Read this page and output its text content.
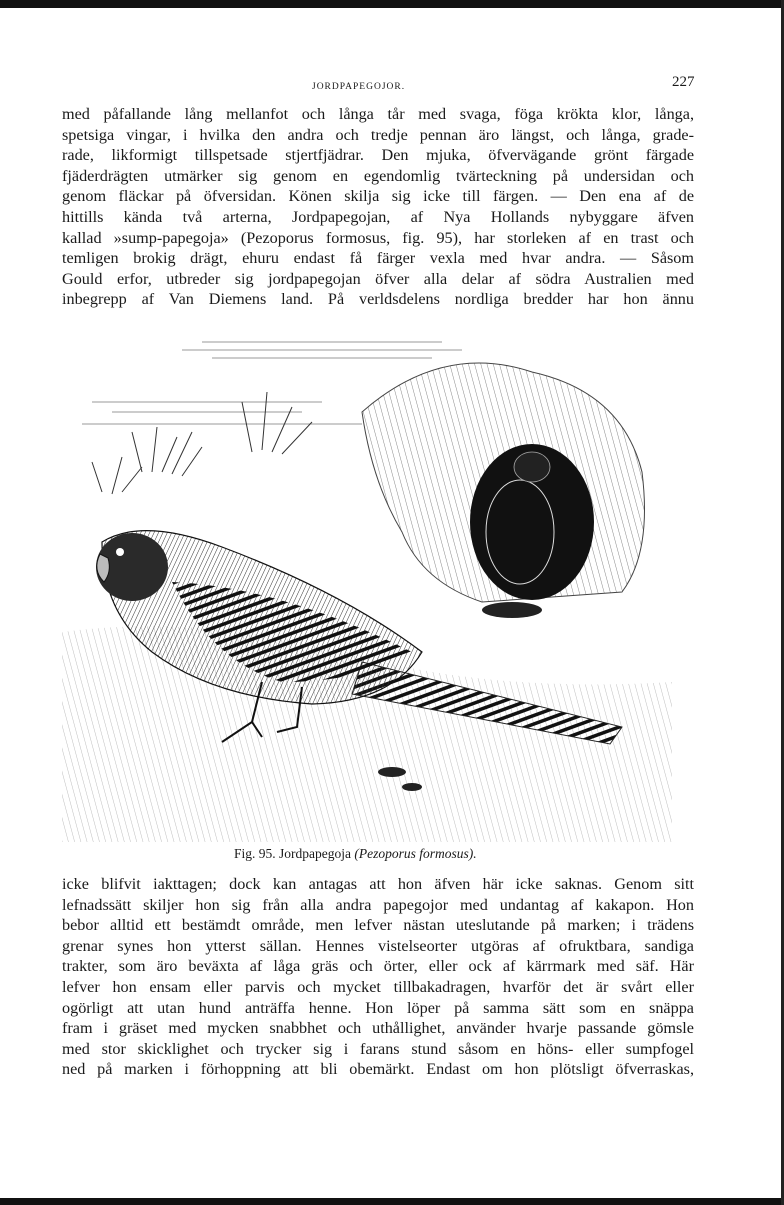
JORDPAPEGOJOR.	227
med påfallande lång mellanfot och långa tår med svaga, föga krökta klor, långa,
spetsiga vingar, i hvilka den andra och tredje pennan äro längst, och långa, grade-
rade, likformigt tillspetsade stjertfjädrar. Den mjuka, öfvervägande grönt färgade
fjäderdrägten utmärker sig genom en egendomlig tvärteckning på undersidan och
genom fläckar på öfversidan. Könen skilja sig icke till färgen. — Den ena af de
hittills kända två arterna, Jordpapegojan, af Nya Hollands nybyggare äfven
kallad »sump-papegoja» (Pezoporus formosus, fig. 95), har storleken af en trast och
temligen brokig drägt, ehuru endast få färger vexla med hvar andra. — Såsom
Gould erfor, utbreder sig jordpapegojan öfver alla delar af södra Australien med
inbegrepp af Van Diemens land. På verldsdelens nordliga bredder har hon ännu
Fig. 95. Jordpapegoja (Pezoporus formosus).
icke blifvit iakttagen; dock kan antagas att hon äfven här icke saknas. Genom sitt
lefnadssätt skiljer hon sig från alla andra papegojor med undantag af kakapon. Hon
bebor alltid ett bestämdt område, men lefver nästan uteslutande på marken; i trädens
grenar synes hon ytterst sällan. Hennes vistelseorter utgöras af ofruktbara, sandiga
trakter, som äro beväxta af låga gräs och örter, eller ock af kärrmark med säf. Här
lefver hon ensam eller parvis och mycket tillbakadragen, hvarför det är svårt eller
ogörligt att utan hund anträffa henne. Hon löper på samma sätt som en snäppa
fram i gräset med mycken snabbhet och uthållighet, använder hvarje passande gömsle
med stor skicklighet och trycker sig i farans stund såsom en höns- eller sumpfogel
ned på marken i förhoppning att bli obemärkt. Endast om hon plötsligt öfverraskas,
